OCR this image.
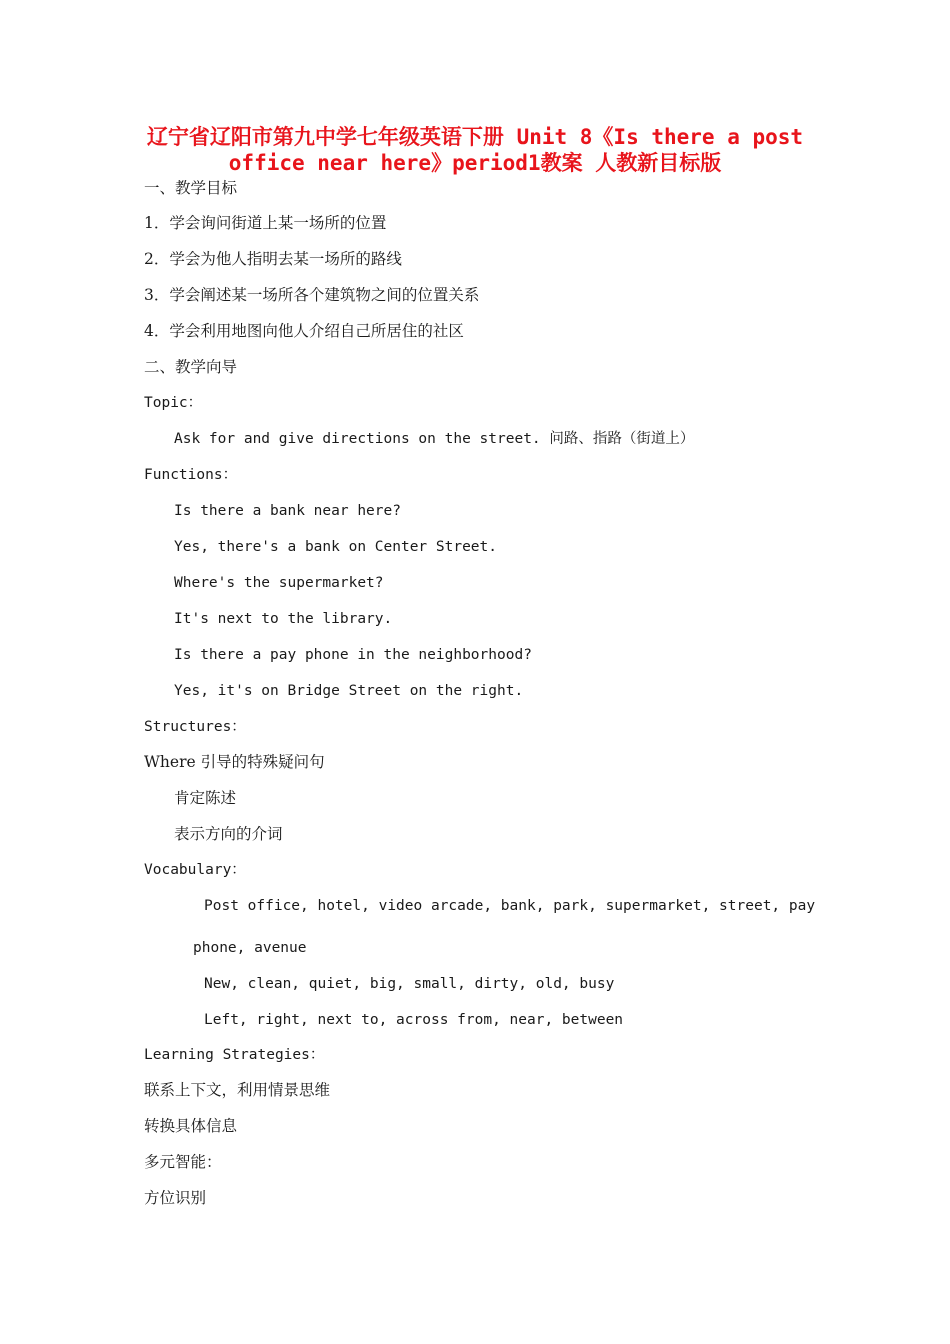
辽宁省辽阳市第九中学七年级英语下册 Unit 8《Is there a post
office near here》period1教案 人教新目标版
一、教学目标
1．学会询问街道上某一场所的位置
2．学会为他人指明去某一场所的路线
3．学会阐述某一场所各个建筑物之间的位置关系
4．学会利用地图向他人介绍自己所居住的社区
二、教学向导
Topic：
Ask for and give directions on the street. 问路、指路（街道上）
Functions：
Is there a bank near here?
Yes, there's a bank on Center Street.
Where's the supermarket?
It's next to the library.
Is there a pay phone in the neighborhood?
Yes, it's on Bridge Street on the right.
Structures：
Where 引导的特殊疑问句
肯定陈述
表示方向的介词
Vocabulary：
Post office, hotel, video arcade, bank, park, supermarket, street, pay
phone, avenue
New, clean, quiet, big, small, dirty, old, busy
Left, right, next to, across from, near, between
Learning Strategies：
联系上下文，利用情景思维
转换具体信息
多元智能：
方位识别
